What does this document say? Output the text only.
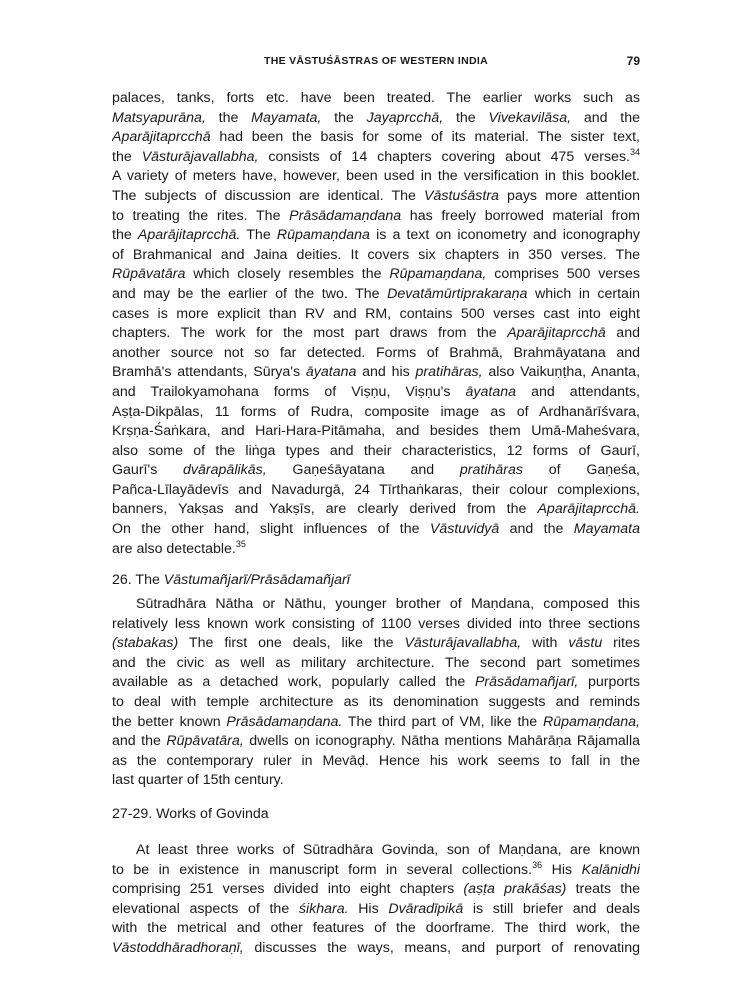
THE VĀSTUŚĀSTRAS OF WESTERN INDIA	79
palaces, tanks, forts etc. have been treated. The earlier works such as
Matsyapurāna, the Mayamata, the Jayaprcchā, the Vivekavilāsa, and the
Aparājitaprcchā had been the basis for some of its material. The sister text,
the Vāsturājavallabha, consists of 14 chapters covering about 475 verses.$^{34}$
A variety of meters have, however, been used in the versification in this booklet.
The subjects of discussion are identical. The Vāstuśāstra pays more attention
to treating the rites. The Prāsādamaṇdana has freely borrowed material from
the Aparājitaprcchā. The Rūpamaṇdana is a text on iconometry and iconography
of Brahmanical and Jaina deities. It covers six chapters in 350 verses. The
Rūpāvatāra which closely resembles the Rūpamaṇdana, comprises 500 verses
and may be the earlier of the two. The Devatāmūrtiprakaraṇa which in certain
cases is more explicit than RV and RM, contains 500 verses cast into eight
chapters. The work for the most part draws from the Aparājitaprcchā and
another source not so far detected. Forms of Brahmā, Brahmāyatana and
Bramhā's attendants, Sūrya's āyatana and his pratihāras, also Vaikuṇṭha, Ananta,
and Trailokyamohana forms of Viṣṇu, Viṣṇu's āyatana and attendants,
Aṣṭa-Dikpālas, 11 forms of Rudra, composite image as of Ardhanārīśvara,
Krṣṇa-Śaṅkara, and Hari-Hara-Pitāmaha, and besides them Umā-Maheśvara,
also some of the liṅga types and their characteristics, 12 forms of Gaurī,
Gaurī's dvārapālikās, Gaṇeśāyatana and pratihāras of Gaṇeśa,
Pañca-Līlayādevīs and Navadurgā, 24 Tīrthaṅkaras, their colour complexions,
banners, Yakṣas and Yakṣīs, are clearly derived from the Aparājitaprcchā.
On the other hand, slight influences of the Vāstuvidyā and the Mayamata
are also detectable.$^{35}$
26. The Vāstumañjarī/Prāsādamañjarī
Sūtradhāra Nātha or Nāthu, younger brother of Maṇdana, composed this
relatively less known work consisting of 1100 verses divided into three sections
(stabakas) The first one deals, like the Vāsturājavallabha, with vāstu rites
and the civic as well as military architecture. The second part sometimes
available as a detached work, popularly called the Prāsādamañjarī, purports
to deal with temple architecture as its denomination suggests and reminds
the better known Prāsādamaṇdana. The third part of VM, like the Rūpamaṇdana,
and the Rūpāvatāra, dwells on iconography. Nātha mentions Mahārāṇa Rājamalla
as the contemporary ruler in Mevāḍ. Hence his work seems to fall in the
last quarter of 15th century.
27-29. Works of Govinda
At least three works of Sūtradhāra Govinda, son of Maṇdana, are known
to be in existence in manuscript form in several collections.$^{36}$ His Kalānidhi
comprising 251 verses divided into eight chapters (aṣṭa prakāśas) treats the
elevational aspects of the śikhara. His Dvāradīpikā is still briefer and deals
with the metrical and other features of the doorframe. The third work, the
Vāstoddhāradhoraṇī, discusses the ways, means, and purport of renovating
